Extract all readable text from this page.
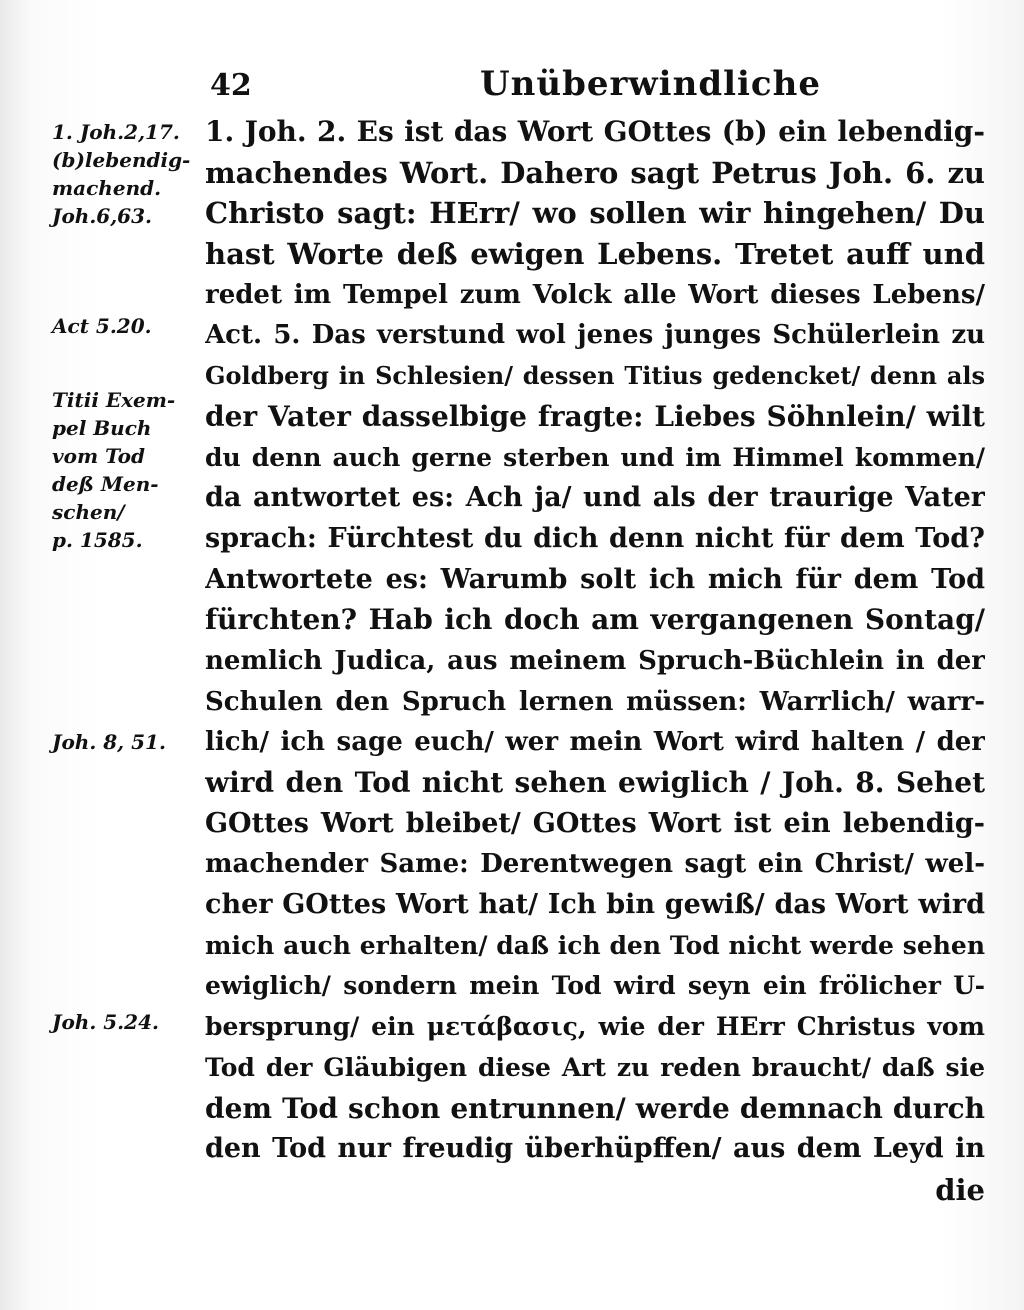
42	Unüberwindliche
1. Joh.2,17.
(b)lebendig-
machend.
Joh.6,63.
Act 5.20.
Titii Exem-
pel Buch
vom Tod
deß Men-
schen/
p. 1585.
Joh. 8, 51.
Joh. 5.24.
1. Joh. 2. Es ist das Wort GOttes (b) ein lebendig-
machendes Wort. Dahero sagt Petrus Joh. 6. zu
Christo sagt: HErr/ wo sollen wir hingehen/ Du
hast Worte deß ewigen Lebens. Tretet auff und
redet im Tempel zum Volck alle Wort dieses Lebens/
Act. 5. Das verstund wol jenes junges Schülerlein zu
Goldberg in Schlesien/ dessen Titius gedencket/ denn als
der Vater dasselbige fragte: Liebes Söhnlein/ wilt
du denn auch gerne sterben und im Himmel kommen/
da antwortet es: Ach ja/ und als der traurige Vater
sprach: Fürchtest du dich denn nicht für dem Tod?
Antwortete es: Warumb solt ich mich für dem Tod
fürchten? Hab ich doch am vergangenen Sontag/
nemlich Judica, aus meinem Spruch-Büchlein in der
Schulen den Spruch lernen müssen: Warrlich/ warr-
lich/ ich sage euch/ wer mein Wort wird halten / der
wird den Tod nicht sehen ewiglich / Joh. 8. Sehet
GOttes Wort bleibet/ GOttes Wort ist ein lebendig-
machender Same: Derentwegen sagt ein Christ/ wel-
cher GOttes Wort hat/ Ich bin gewiß/ das Wort wird
mich auch erhalten/ daß ich den Tod nicht werde sehen
ewiglich/ sondern mein Tod wird seyn ein frölicher U-
bersprung/ ein μετάβασις, wie der HErr Christus vom
Tod der Gläubigen diese Art zu reden braucht/ daß sie
dem Tod schon entrunnen/ werde demnach durch
den Tod nur freudig überhüpffen/ aus dem Leyd in
die
